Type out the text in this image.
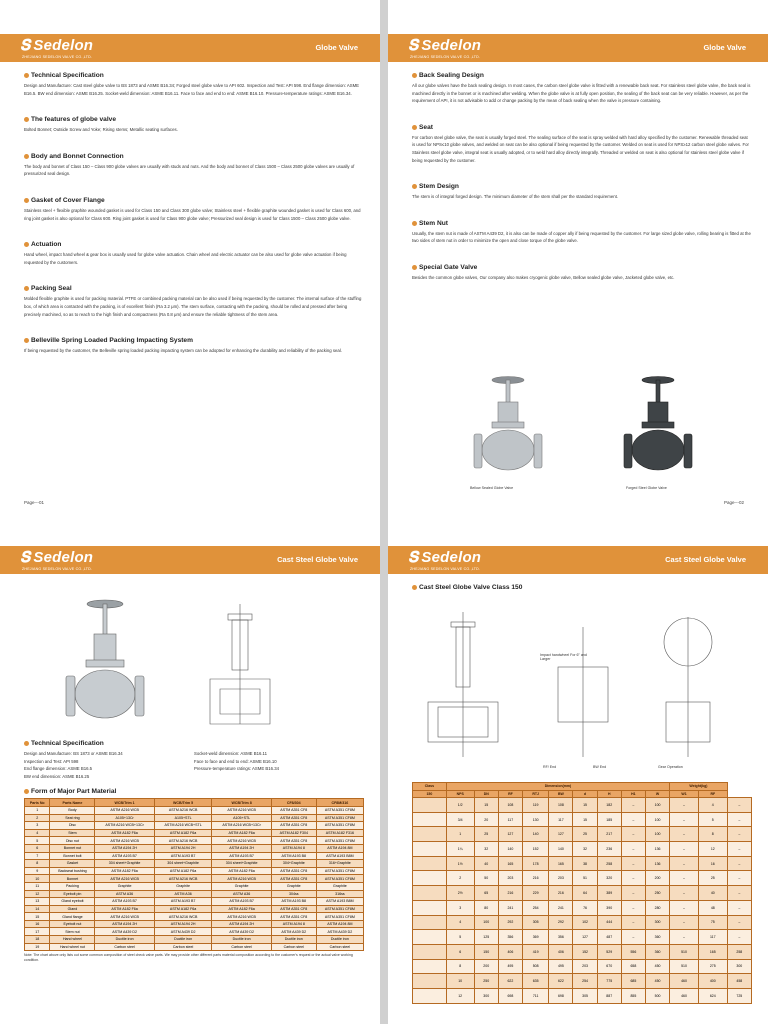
𝐒 Sedelon
ZHEJIANG SEDELON VALVE CO.,LTD.
Globe Valve
Technical Specification

Design and Manufacture: Cast steel globe valve to BS 1873 and ASME B16.34; Forged steel globe valve to API 602. Inspection and Test: API 598. End flange dimension: ASME B16.5. BW end dimension: ASME B16.25. Socket-weld dimension: ASME B16.11. Face to face and end to end: ASME B16.10. Pressure-temperature ratings: ASME B16.34.

The features of globe valve

Bolted Bonnet; Outside Screw and Yoke; Rising stems; Metallic seating surfaces.

Body and Bonnet Connection

The body and bonnet of Class 150 – Class 900 globe valves are usually with studs and nuts. And the body and bonnet of Class 1500 – Class 2500 globe valves are usually of pressurized seal design.

Gasket of Cover Flange

Stainless steel + flexible graphite wounded gasket is used for Class 150 and Class 300 globe valve; Stainless steel + flexible graphite wounded gasket is used for Class 600, and ring joint gasket is also optional for Class 600. Ring joint gasket is used for Class 900 globe valve; Pressurized seal design is used for Class 1500 – Class 2500 globe valve.

Actuation

Hand wheel, impact hand wheel & gear box is usually used for globe valve actuation. Chain wheel and electric actuator can be also used for globe valve actuation if being requested by the customers.

Packing Seal

Molded flexible graphite is used for packing material. PTFE or combined packing material can be also used if being requested by the customer. The internal surface of the stuffing box, of which area is contacted with the packing, is of excellent finish (Ra 3.2 μm). The stem surface, contacting with the packing, should be rolled and pressed after being precisely machined, so as to reach to the high finish and compactness (Ra 0.8 μm) and ensure the reliable tightness of the stem area.

Belleville Spring Loaded Packing Impacting System

If being requested by the customer, the Belleville spring loaded packing impacting system can be adopted for enhancing the durability and reliability of the packing seal.

Page---01
𝐒 Sedelon
ZHEJIANG SEDELON VALVE CO.,LTD.
Globe Valve
Back Sealing Design

All our globe valves have the back sealing design. In most cases, the carbon steel globe valve is fitted with a renewable back seat. For stainless steel globe valve, the back seal is machined directly in the bonnet or is machined after welding. When the globe valve is at fully open position, the sealing of the back seat can be very reliable. However, as per the requirement of API, it is not advisable to add or change packing by the mean of back sealing when the valve is pressure containing.

Seat

For carbon steel globe valve, the seat is usually forged steel. The sealing surface of the seat is spray welded with hard alloy specified by the customer. Renewable threaded seat is used for NPS≤10 globe valves, and welded on seat can be also optional if being requested by the customer. Welded on seat is used for NPS≥12 carbon steel globe valves. For Stainless steel globe valve, integral seat is usually adopted, or to weld hard alloy directly integrally. Threaded or welded on seat is also optional for stainless steel globe valve if being requested by the customer.

Stem Design

The stem is of integral forged design. The minimum diameter of the stem shall per the standard requirement.

Stem Nut

Usually, the stem nut is made of ASTM A439 D2, it is also can be made of copper ally if being requested by the customer. For large sized globe valve, rolling bearing is fitted at the two sides of stem nut in order to minimize the open and close torque of the globe valve.

Special Gate Valve

Besides the common globe valves, Our company also makes cryogenic globe valve, Bellow sealed globe valve, Jacketed globe valve, etc.

Bellow Sealed Globe Valve	Forged Steel Globe Valve
Page---02
𝐒 Sedelon
ZHEJIANG SEDELON VALVE CO.,LTD.
Cast Steel Globe Valve
Technical Specification

Design and Manufacture: BS 1873 or ASME B16.34

Inspection and Test: API 598

End flange dimension: ASME B16.5

BW end dimension: ASME B16.25

Socket-weld dimension: ASME B16.11

Face to face and end to end: ASME B16.10

Pressure-temperature ratings: ASME B16.34

Form of Major Part Material
Parts No	Parts Name	WCB/Trim 1	WCB/Trim 5	WCB/Trim 8	CF8/304	CF8M/316
1	Body	ASTM A216 WCB	ASTM A216 WCB	ASTM A216 WCB	ASTM A351 CF8	ASTM A351 CF8M
2	Seat ring	A105+13Cr	A105+STL	A105+STL	ASTM A351 CF8	ASTM A351 CF8M
3	Disc	ASTM A216 WCB+13Cr	ASTM A216 WCB+STL	ASTM A216 WCB+13Cr	ASTM A351 CF8	ASTM A351 CF8M
4	Stem	ASTM A182 F6a	ASTM A182 F6a	ASTM A182 F6a	ASTM A182 F304	ASTM A182 F316
5	Disc nut	ASTM A216 WCB	ASTM A216 WCB	ASTM A216 WCB	ASTM A351 CF8	ASTM A351 CF8M
6	Bonnet nut	ASTM A194 2H	ASTM A194 2H	ASTM A194 2H	ASTM A194 8	ASTM A194 8M
7	Bonnet bolt	ASTM A193 B7	ASTM A193 B7	ASTM A193 B7	ASTM A193 B8	ASTM A193 B8M
8	Gasket	304 sheet+Graphite	304 sheet+Graphite	304 sheet+Graphite	304+Graphite	316+Graphite
9	Backseat bushing	ASTM A182 F6a	ASTM A182 F6a	ASTM A182 F6a	ASTM A351 CF8	ASTM A351 CF8M
10	Bonnet	ASTM A216 WCB	ASTM A216 WCB	ASTM A216 WCB	ASTM A351 CF8	ASTM A351 CF8M
11	Packing	Graphite	Graphite	Graphite	Graphite	Graphite
12	Eyebolt pin	ASTM A36	ASTM A36	ASTM A36	304ss	316ss
13	Gland eyebolt	ASTM A193 B7	ASTM A193 B7	ASTM A193 B7	ASTM A193 B8	ASTM A193 B8M
14	Gland	ASTM A182 F6a	ASTM A182 F6a	ASTM A182 F6a	ASTM A351 CF8	ASTM A351 CF8M
15	Gland flange	ASTM A216 WCB	ASTM A216 WCB	ASTM A216 WCB	ASTM A351 CF8	ASTM A351 CF8M
16	Eyebolt nut	ASTM A194 2H	ASTM A194 2H	ASTM A194 2H	ASTM A194 8	ASTM A194 8M
17	Stem nut	ASTM A439 D2	ASTM A439 D2	ASTM A439 D2	ASTM A439 D2	ASTM A439 D2
18	Hand wheel	Ductile iron	Ductile iron	Ductile iron	Ductile iron	Ductile iron
19	Hand wheel nut	Carbon steel	Carbon steel	Carbon steel	Carbon steel	Carbon steel

Note: The chart above only lists out some common composition of steel check valve parts. We may provide other different parts material composition according to the customer's request or the actual valve working condition.

𝐒 Sedelon
ZHEJIANG SEDELON VALVE CO.,LTD.
Cast Steel Globe Valve
Cast Steel Globe Valve Class 150
Impact handwheel For 6" and Larger
RF/ End	BW End	Gear Operation
Class	Dimension(mm)									Weight(kg)		
150	NPS	DN	RF	RTJ	BW	d	H	H1	W	W1	RF	
	1/2	15	108	119	108	15	182	–	100	–	4	–
	3/4	20	117	130	117	15	185	–	100	–	5	–
	1	25	127	140	127	25	217	–	100	–	8	–
	1¼	32	140	152	140	32	236	–	136	–	12	–
	1½	40	165	178	165	38	258	–	136	–	16	–
	2	50	203	216	203	51	320	–	200	–	25	–
	2½	65	216	229	216	64	389	–	250	–	40	–
	3	80	241	254	241	76	390	–	280	–	48	–
	4	100	292	305	292	102	444	–	300	–	75	–
	5	125	356	369	356	127	487	–	360	–	117	–
	6	150	406	419	406	152	529	556	360	510	165	258
	8	200	495	508	495	203	670	658	450	510	275	300
	10	250	622	635	622	254	775	685	450	460	400	458
	12	300	698	711	698	305	887	855	500	460	624	725
